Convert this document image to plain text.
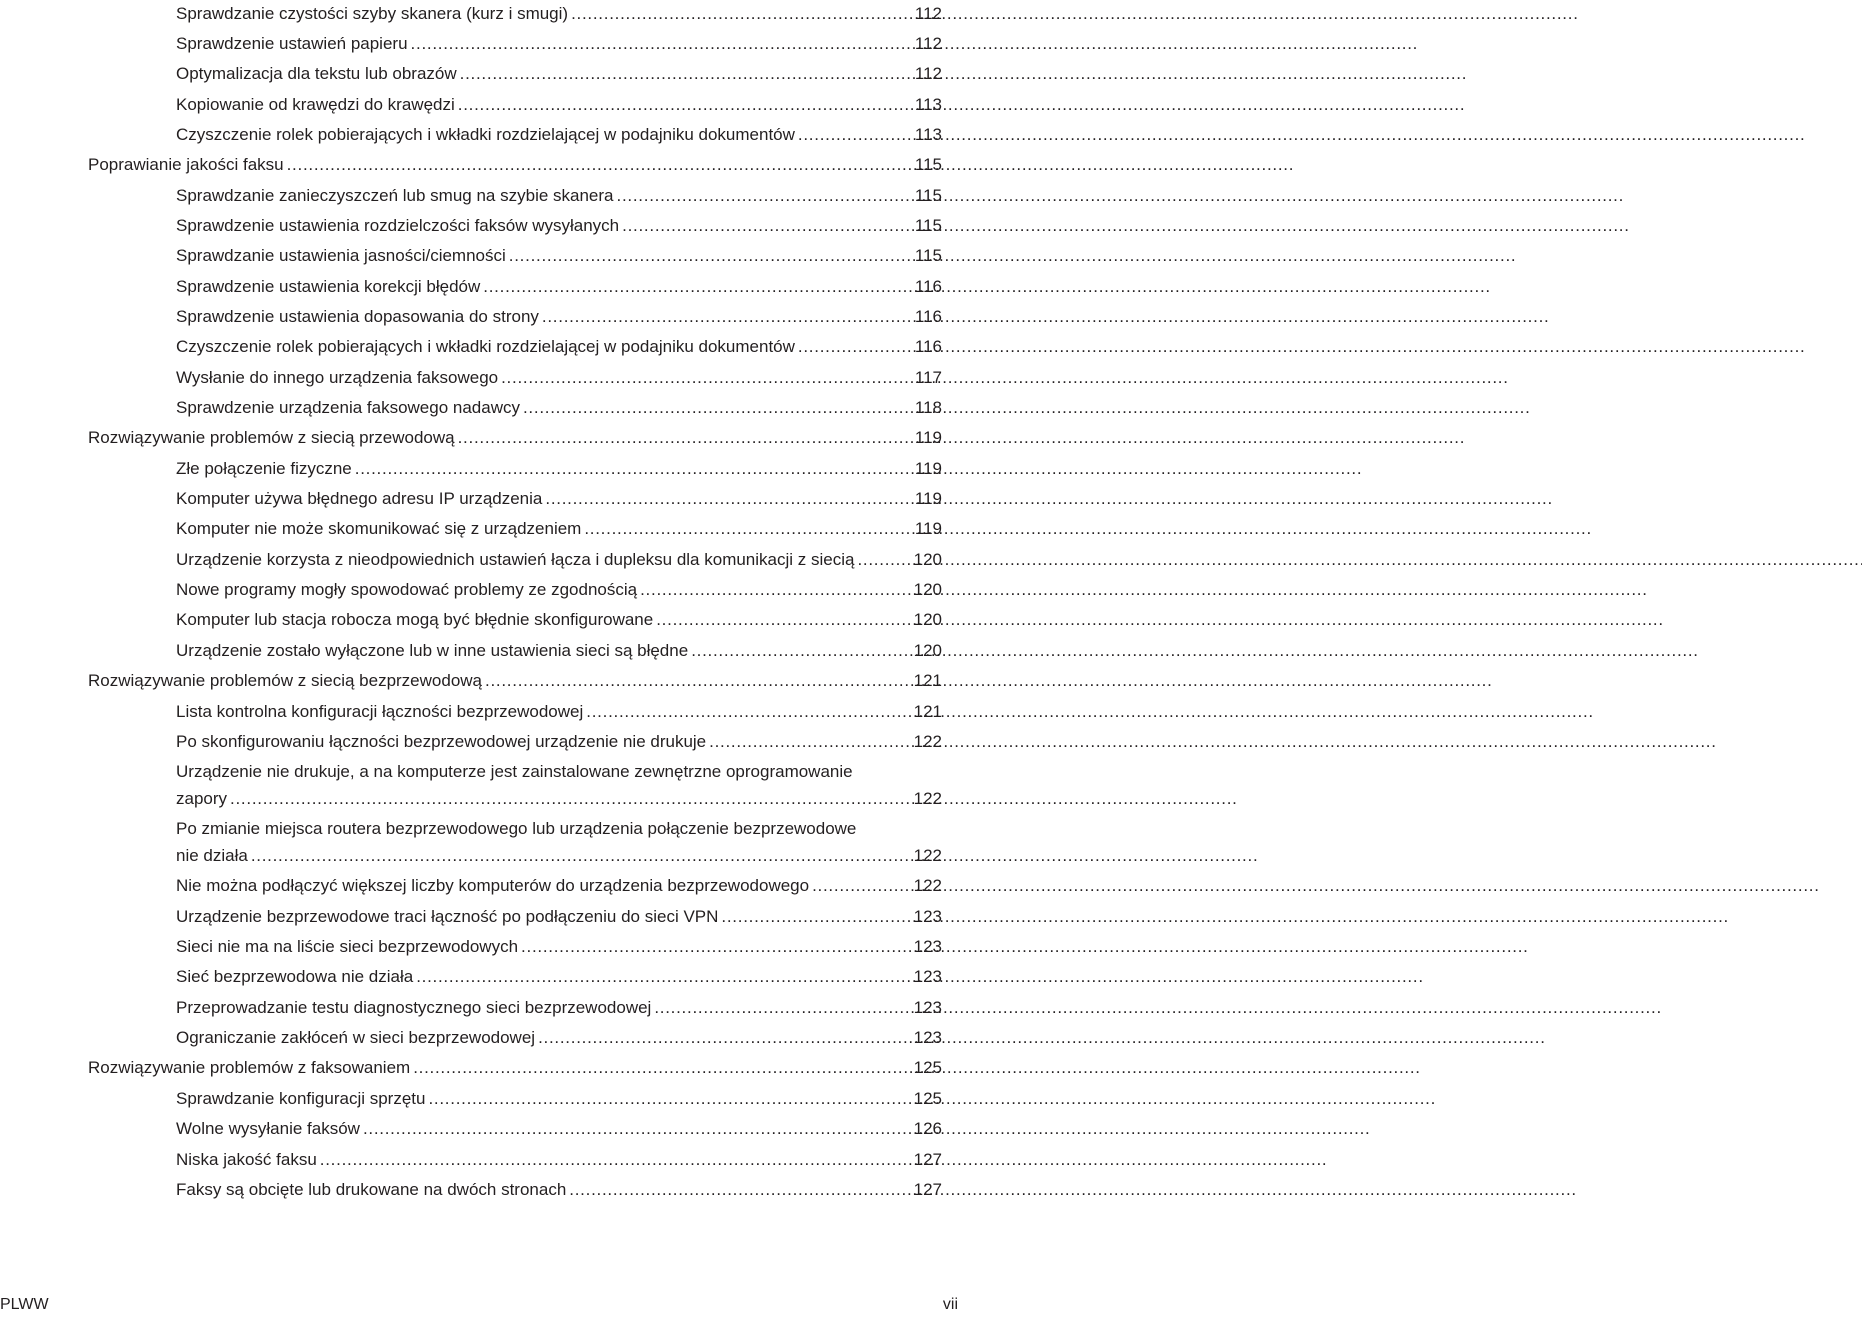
Sprawdzanie czystości szyby skanera (kurz i smugi) . . .	112
Sprawdzenie ustawień papieru . . .	112
Optymalizacja dla tekstu lub obrazów . . .	112
Kopiowanie od krawędzi do krawędzi . . .	113
Czyszczenie rolek pobierających i wkładki rozdzielającej w podajniku dokumentów . . .	113
Poprawianie jakości faksu . . .	115
Sprawdzanie zanieczyszczeń lub smug na szybie skanera . . .	115
Sprawdzenie ustawienia rozdzielczości faksów wysyłanych . . .	115
Sprawdzanie ustawienia jasności/ciemności . . .	115
Sprawdzenie ustawienia korekcji błędów . . .	116
Sprawdzenie ustawienia dopasowania do strony . . .	116
Czyszczenie rolek pobierających i wkładki rozdzielającej w podajniku dokumentów . . .	116
Wysłanie do innego urządzenia faksowego . . .	117
Sprawdzenie urządzenia faksowego nadawcy . . .	118
Rozwiązywanie problemów z siecią przewodową . . .	119
Złe połączenie fizyczne . . .	119
Komputer używa błędnego adresu IP urządzenia . . .	119
Komputer nie może skomunikować się z urządzeniem . . .	119
Urządzenie korzysta z nieodpowiednich ustawień łącza i dupleksu dla komunikacji z siecią . . .	120
Nowe programy mogły spowodować problemy ze zgodnością . . .	120
Komputer lub stacja robocza mogą być błędnie skonfigurowane . . .	120
Urządzenie zostało wyłączone lub w inne ustawienia sieci są błędne . . .	120
Rozwiązywanie problemów z siecią bezprzewodową . . .	121
Lista kontrolna konfiguracji łączności bezprzewodowej . . .	121
Po skonfigurowaniu łączności bezprzewodowej urządzenie nie drukuje . . .	122
Urządzenie nie drukuje, a na komputerze jest zainstalowane zewnętrzne oprogramowanie
zapory . . .	122
Po zmianie miejsca routera bezprzewodowego lub urządzenia połączenie bezprzewodowe
nie działa . . .	122
Nie można podłączyć większej liczby komputerów do urządzenia bezprzewodowego . . .	122
Urządzenie bezprzewodowe traci łączność po podłączeniu do sieci VPN . . .	123
Sieci nie ma na liście sieci bezprzewodowych . . .	123
Sieć bezprzewodowa nie działa . . .	123
Przeprowadzanie testu diagnostycznego sieci bezprzewodowej . . .	123
Ograniczanie zakłóceń w sieci bezprzewodowej . . .	123
Rozwiązywanie problemów z faksowaniem . . .	125
Sprawdzanie konfiguracji sprzętu . . .	125
Wolne wysyłanie faksów . . .	126
Niska jakość faksu . . .	127
Faksy są obcięte lub drukowane na dwóch stronach . . .	127
PLWW	vii
